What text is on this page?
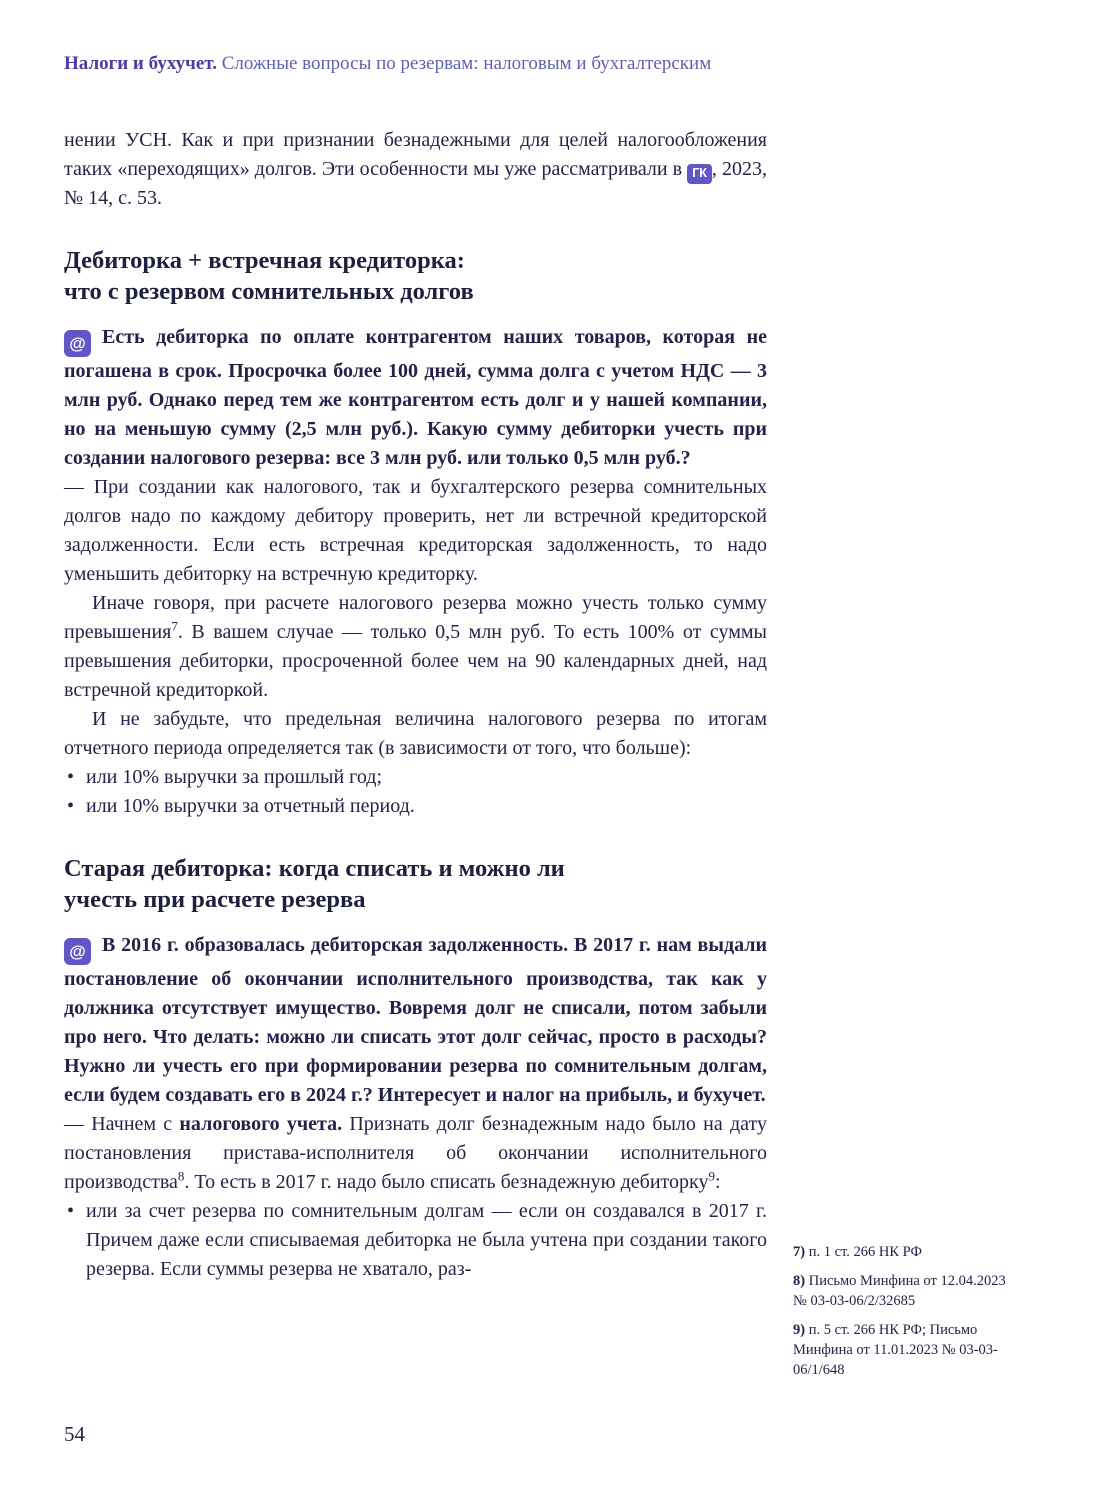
Налоги и бухучет. Сложные вопросы по резервам: налоговым и бухгалтерским

нении УСН. Как и при признании безнадежными для целей налогообложения таких «переходящих» долгов. Эти особенности мы уже рассматривали в ГК , 2023, № 14, с. 53.

Дебиторка + встречная кредиторка:
что с резервом сомнительных долгов

@ Есть дебиторка по оплате контрагентом наших товаров, которая не погашена в срок. Просрочка более 100 дней, сумма долга с учетом НДС — 3 млн руб. Однако перед тем же контрагентом есть долг и у нашей компании, но на меньшую сумму (2,5 млн руб.). Какую сумму дебиторки учесть при создании налогового резерва: все 3 млн руб. или только 0,5 млн руб.?

— При создании как налогового, так и бухгалтерского резерва сомнительных долгов надо по каждому дебитору проверить, нет ли встречной кредиторской задолженности. Если есть встречная кредиторская задолженность, то надо уменьшить дебиторку на встречную кредиторку.

Иначе говоря, при расчете налогового резерва можно учесть только сумму превышения$^7$. В вашем случае — только 0,5 млн руб. То есть 100% от суммы превышения дебиторки, просроченной более чем на 90 календарных дней, над встречной кредиторкой.

И не забудьте, что предельная величина налогового резерва по итогам отчетного периода определяется так (в зависимости от того, что больше):

• или 10% выручки за прошлый год;
• или 10% выручки за отчетный период.
Старая дебиторка: когда списать и можно ли
учесть при расчете резерва

@ В 2016 г. образовалась дебиторская задолженность. В 2017 г. нам выдали постановление об окончании исполнительного производства, так как у должника отсутствует имущество. Вовремя долг не списали, потом забыли про него. Что делать: можно ли списать этот долг сейчас, просто в расходы? Нужно ли учесть его при формировании резерва по сомнительным долгам, если будем создавать его в 2024 г.? Интересует и налог на прибыль, и бухучет.

— Начнем с налогового учета. Признать долг безнадежным надо было на дату постановления пристава-исполнителя об окончании исполнительного производства$^8$. То есть в 2017 г. надо было списать безнадежную дебиторку$^9$:

• или за счет резерва по сомнительным долгам — если он создавался в 2017 г. Причем даже если списываемая дебиторка не была учтена при создании такого резерва. Если суммы резерва не хватало, раз-
7) п. 1 ст. 266 НК РФ
8) Письмо Минфина от 12.04.2023 № 03-03-06/2/32685
9) п. 5 ст. 266 НК РФ; Письмо Минфина от 11.01.2023 № 03-03-06/1/648
54
